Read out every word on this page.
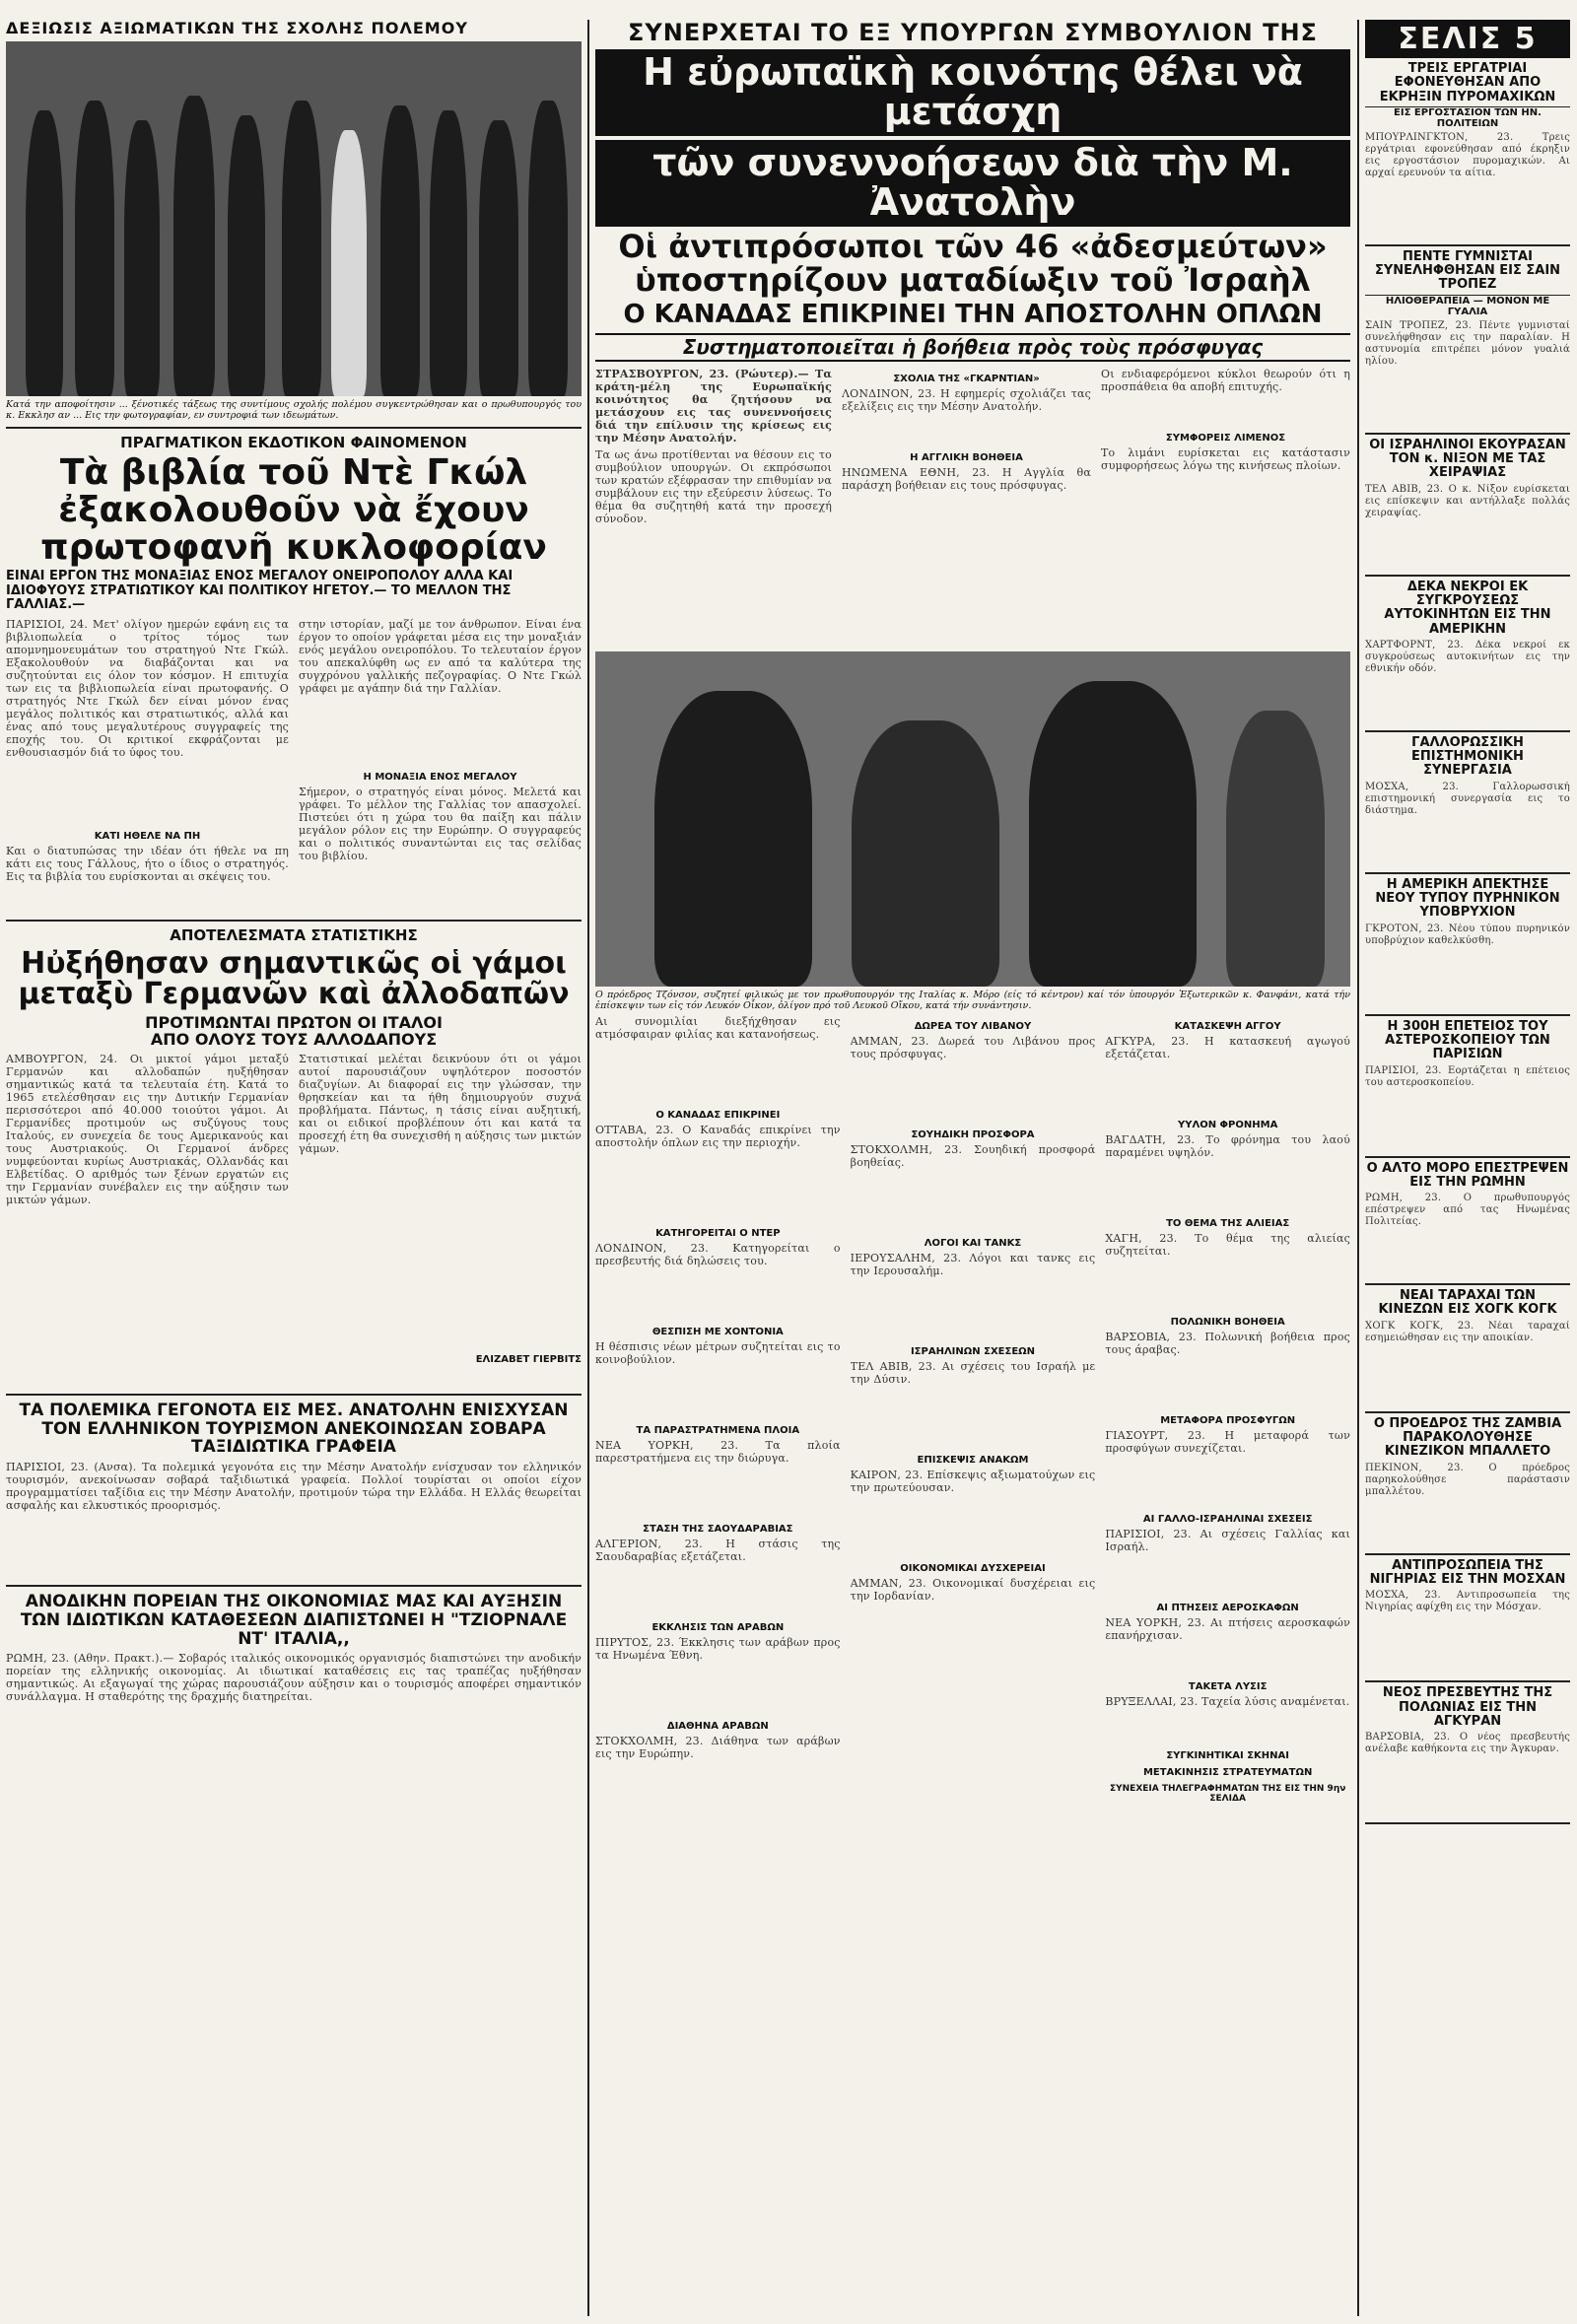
ΔΕΞΙΩΣΙΣ ΑΞΙΩΜΑΤΙΚΩΝ ΤΗΣ ΣΧΟΛΗΣ ΠΟΛΕΜΟΥ
Κατά την αποφοίτησιν ... ξένοτικές τάξεως της συντίμους σχολής πολέμου συγκεντρώθησαν και ο πρωθυπουργός του κ. Εκκλησ αν ... Εις την φωτογραφίαν, εν συντροφιά των ιδεωμάτων.
ΠΡΑΓΜΑΤΙΚΟΝ ΕΚΔΟΤΙΚΟΝ ΦΑΙΝΟΜΕΝΟΝ
Τὰ βιβλία τοῦ Ντὲ Γκώλ ἐξακολουθοῦν νὰ ἔχουν πρωτοφανῆ κυκλοφορίαν
ΕΙΝΑΙ ΕΡΓΟΝ ΤΗΣ ΜΟΝΑΞΙΑΣ ΕΝΟΣ ΜΕΓΑΛΟΥ ΟΝΕΙΡΟΠΟΛΟΥ ΑΛΛΑ ΚΑΙ ΙΔΙΟΦΥΟΥΣ ΣΤΡΑΤΙΩΤΙΚΟΥ ΚΑΙ ΠΟΛΙΤΙΚΟΥ ΗΓΕΤΟΥ.— ΤΟ ΜΕΛΛΟΝ ΤΗΣ ΓΑΛΛΙΑΣ.—
ΠΑΡΙΣΙΟΙ, 24. Μετ' ολίγον ημερών εφάνη εις τα βιβλιοπωλεία ο τρίτος τόμος των απομνημονευμάτων του στρατηγού Ντε Γκώλ. Εξακολουθούν να διαβάζονται και να συζητούνται εις όλον τον κόσμον. Η επιτυχία των εις τα βιβλιοπωλεία είναι πρωτοφανής. Ο στρατηγός Ντε Γκώλ δεν είναι μόνον ένας μεγάλος πολιτικός και στρατιωτικός, αλλά και ένας από τους μεγαλυτέρους συγγραφείς της εποχής του. Οι κριτικοί εκφράζονται με ενθουσιασμόν διά το ύφος του.
ΚΑΤΙ ΗΘΕΛΕ ΝΑ ΠΗ
Και ο διατυπώσας την ιδέαν ότι ήθελε να πη κάτι εις τους Γάλλους, ήτο ο ίδιος ο στρατηγός. Εις τα βιβλία του ευρίσκονται αι σκέψεις του.
στην ιστορίαν, μαζί με τον άνθρωπον. Είναι ένα έργον το οποίον γράφεται μέσα εις την μοναξιάν ενός μεγάλου ονειροπόλου. Το τελευταίον έργον του απεκαλύφθη ως εν από τα καλύτερα της συγχρόνου γαλλικής πεζογραφίας. Ο Ντε Γκώλ γράφει με αγάπην διά την Γαλλίαν.
Η ΜΟΝΑΞΙΑ ΕΝΟΣ ΜΕΓΑΛΟΥ
Σήμερον, ο στρατηγός είναι μόνος. Μελετά και γράφει. Το μέλλον της Γαλλίας τον απασχολεί. Πιστεύει ότι η χώρα του θα παίξη και πάλιν μεγάλον ρόλον εις την Ευρώπην. Ο συγγραφεύς και ο πολιτικός συναντώνται εις τας σελίδας του βιβλίου.
ΑΠΟΤΕΛΕΣΜΑΤΑ ΣΤΑΤΙΣΤΙΚΗΣ
Ηὐξήθησαν σημαντικῶς οἱ γάμοι μεταξὺ Γερμανῶν καὶ ἀλλοδαπῶν
ΠΡΟΤΙΜΩΝΤΑΙ ΠΡΩΤΟΝ ΟΙ ΙΤΑΛΟΙ
ΑΠΟ ΟΛΟΥΣ ΤΟΥΣ ΑΛΛΟΔΑΠΟΥΣ
ΑΜΒΟΥΡΓΟΝ, 24. Οι μικτοί γάμοι μεταξύ Γερμανών και αλλοδαπών ηυξήθησαν σημαντικώς κατά τα τελευταία έτη. Κατά το 1965 ετελέσθησαν εις την Δυτικήν Γερμανίαν περισσότεροι από 40.000 τοιούτοι γάμοι. Αι Γερμανίδες προτιμούν ως συζύγους τους Ιταλούς, εν συνεχεία δε τους Αμερικανούς και τους Αυστριακούς. Οι Γερμανοί άνδρες νυμφεύονται κυρίως Αυστριακάς, Ολλανδάς και Ελβετίδας. Ο αριθμός των ξένων εργατών εις την Γερμανίαν συνέβαλεν εις την αύξησιν των μικτών γάμων.
Στατιστικαί μελέται δεικνύουν ότι οι γάμοι αυτοί παρουσιάζουν υψηλότερον ποσοστόν διαζυγίων. Αι διαφοραί εις την γλώσσαν, την θρησκείαν και τα ήθη δημιουργούν συχνά προβλήματα. Πάντως, η τάσις είναι αυξητική, και οι ειδικοί προβλέπουν ότι και κατά τα προσεχή έτη θα συνεχισθή η αύξησις των μικτών γάμων.
ΕΛΙΖΑΒΕΤ ΓΙΕΡΒΙΤΣ
ΤΑ ΠΟΛΕΜΙΚΑ ΓΕΓΟΝΟΤΑ ΕΙΣ ΜΕΣ. ΑΝΑΤΟΛΗΝ ΕΝΙΣΧΥΣΑΝ ΤΟΝ ΕΛΛΗΝΙΚΟΝ ΤΟΥΡΙΣΜΟΝ ΑΝΕΚΟΙΝΩΣΑΝ ΣΟΒΑΡΑ ΤΑΞΙΔΙΩΤΙΚΑ ΓΡΑΦΕΙΑ
ΠΑΡΙΣΙΟΙ, 23. (Ανσα). Τα πολεμικά γεγονότα εις την Μέσην Ανατολήν ενίσχυσαν τον ελληνικόν τουρισμόν, ανεκοίνωσαν σοβαρά ταξιδιωτικά γραφεία. Πολλοί τουρίσται οι οποίοι είχον προγραμματίσει ταξίδια εις την Μέσην Ανατολήν, προτιμούν τώρα την Ελλάδα. Η Ελλάς θεωρείται ασφαλής και ελκυστικός προορισμός.
ΑΝΟΔΙΚΗΝ ΠΟΡΕΙΑΝ ΤΗΣ ΟΙΚΟΝΟΜΙΑΣ ΜΑΣ ΚΑΙ ΑΥΞΗΣΙΝ ΤΩΝ ΙΔΙΩΤΙΚΩΝ ΚΑΤΑΘΕΣΕΩΝ ΔΙΑΠΙΣΤΩΝΕΙ Η "ΤΖΙΟΡΝΑΛΕ ΝΤ' ΙΤΑΛΙΑ,,
ΡΩΜΗ, 23. (Αθην. Πρακτ.).— Σοβαρός ιταλικός οικονομικός οργανισμός διαπιστώνει την ανοδικήν πορείαν της ελληνικής οικονομίας. Αι ιδιωτικαί καταθέσεις εις τας τραπέζας ηυξήθησαν σημαντικώς. Αι εξαγωγαί της χώρας παρουσιάζουν αύξησιν και ο τουρισμός αποφέρει σημαντικόν συνάλλαγμα. Η σταθερότης της δραχμής διατηρείται.
ΣΥΝΕΡΧΕΤΑΙ ΤΟ ΕΞ ΥΠΟΥΡΓΩΝ ΣΥΜΒΟΥΛΙΟΝ ΤΗΣ
Η εὐρωπαϊκὴ κοινότης θέλει νὰ μετάσχη
τῶν συνεννοήσεων διὰ τὴν Μ. Ἀνατολὴν
Οἱ ἀντιπρόσωποι τῶν 46 «ἀδεσμεύτων»
ὑποστηρίζουν ματαδίωξιν τοῦ Ἰσραὴλ
Ο ΚΑΝΑΔΑΣ ΕΠΙΚΡΙΝΕΙ ΤΗΝ ΑΠΟΣΤΟΛΗΝ ΟΠΛΩΝ
Συστηματοποιεῖται ἡ βοήθεια πρὸς τοὺς πρόσφυγας
ΣΤΡΑΣΒΟΥΡΓΟΝ, 23. (Ρώυτερ).— Τα κράτη-μέλη της Ευρωπαϊκής κοινότητος θα ζητήσουν να μετάσχουν εις τας συνεννοήσεις διά την επίλυσιν της κρίσεως εις την Μέσην Ανατολήν.
Τα ως άνω προτίθενται να θέσουν εις το συμβούλιον υπουργών. Οι εκπρόσωποι των κρατών εξέφρασαν την επιθυμίαν να συμβάλουν εις την εξεύρεσιν λύσεως. Το θέμα θα συζητηθή κατά την προσεχή σύνοδον.
ΣΧΟΛΙΑ ΤΗΣ «ΓΚΑΡΝΤΙΑΝ»
ΛΟΝΔΙΝΟΝ, 23. Η εφημερίς σχολιάζει τας εξελίξεις εις την Μέσην Ανατολήν.
Η ΑΓΓΛΙΚΗ ΒΟΗΘΕΙΑ
ΗΝΩΜΕΝΑ ΕΘΝΗ, 23. Η Αγγλία θα παράσχη βοήθειαν εις τους πρόσφυγας.
Οι ενδιαφερόμενοι κύκλοι θεωρούν ότι η προσπάθεια θα αποβή επιτυχής.
ΣΥΜΦΟΡΕΙΣ ΛΙΜΕΝΟΣ
Το λιμάνι ευρίσκεται εις κατάστασιν συμφορήσεως λόγω της κινήσεως πλοίων.
Ο πρόεδρος Τζόνσον, συζητεί φιλικώς με τον πρωθυπουργόν της Ιταλίας κ. Μόρο (είς τό κέντρον) καί τόν ὑπουργόν Ἐξωτερικῶν κ. Φανφάνι, κατά τήν ἐπίσκεψιν των εἰς τόν Λευκόν Οἶκον, ὀλίγον πρό τοῦ Λευκοῦ Οἴκου, κατά τήν συνάντησιν.
Αι συνομιλίαι διεξήχθησαν εις ατμόσφαιραν φιλίας και κατανοήσεως.
Ο ΚΑΝΑΔΑΣ ΕΠΙΚΡΙΝΕΙ
ΟΤΤΑΒΑ, 23. Ο Καναδάς επικρίνει την αποστολήν όπλων εις την περιοχήν.
ΚΑΤΗΓΟΡΕΙΤΑΙ Ο ΝΤΕΡ
ΛΟΝΔΙΝΟΝ, 23. Κατηγορείται ο πρεσβευτής διά δηλώσεις του.
ΘΕΣΠΙΣΗ ΜΕ ΧΟΝΤΟΝΙΑ
Η θέσπισις νέων μέτρων συζητείται εις το κοινοβούλιον.
ΤΑ ΠΑΡΑΣΤΡΑΤΗΜΕΝΑ ΠΛΟΙΑ
ΝΕΑ ΥΟΡΚΗ, 23. Τα πλοία παρεστρατήμενα εις την διώρυγα.
ΣΤΑΣΗ ΤΗΣ ΣΑΟΥΔΑΡΑΒΙΑΣ
ΑΛΓΕΡΙΟΝ, 23. Η στάσις της Σαουδαραβίας εξετάζεται.
ΕΚΚΛΗΣΙΣ ΤΩΝ ΑΡΑΒΩΝ
ΠΙΡΥΤΟΣ, 23. Έκκλησις των αράβων προς τα Ηνωμένα Έθνη.
ΔΙΑΘΗΝΑ ΑΡΑΒΩΝ
ΣΤΟΚΧΟΛΜΗ, 23. Διάθηνα των αράβων εις την Ευρώπην.
ΔΩΡΕΑ ΤΟΥ ΛΙΒΑΝΟΥ
ΑΜΜΑΝ, 23. Δωρεά του Λιβάνου προς τους πρόσφυγας.
ΣΟΥΗΔΙΚΗ ΠΡΟΣΦΟΡΑ
ΣΤΟΚΧΟΛΜΗ, 23. Σουηδική προσφορά βοηθείας.
ΛΟΓΟΙ ΚΑΙ ΤΑΝΚΣ
ΙΕΡΟΥΣΑΛΗΜ, 23. Λόγοι και τανκς εις την Ιερουσαλήμ.
ΙΣΡΑΗΛΙΝΩΝ ΣΧΕΣΕΩΝ
ΤΕΛ ΑΒΙΒ, 23. Αι σχέσεις του Ισραήλ με την Δύσιν.
ΕΠΙΣΚΕΨΙΣ ΑΝΑΚΩΜ
ΚΑΙΡΟΝ, 23. Επίσκεψις αξιωματούχων εις την πρωτεύουσαν.
ΟΙΚΟΝΟΜΙΚΑΙ ΔΥΣΧΕΡΕΙΑΙ
ΑΜΜΑΝ, 23. Οικονομικαί δυσχέρειαι εις την Ιορδανίαν.
ΚΑΤΑΣΚΕΨΗ ΑΓΓΟΥ
ΑΓΚΥΡΑ, 23. Η κατασκευή αγωγού εξετάζεται.
ΥΥΛΟΝ ΦΡΟΝΗΜΑ
ΒΑΓΔΑΤΗ, 23. Το φρόνημα του λαού παραμένει υψηλόν.
ΤΟ ΘΕΜΑ ΤΗΣ ΑΛΙΕΙΑΣ
ΧΑΓΗ, 23. Το θέμα της αλιείας συζητείται.
ΠΟΛΩΝΙΚΗ ΒΟΗΘΕΙΑ
ΒΑΡΣΟΒΙΑ, 23. Πολωνική βοήθεια προς τους άραβας.
ΜΕΤΑΦΟΡΑ ΠΡΟΣΦΥΓΩΝ
ΓΙΑΣΟΥΡΤ, 23. Η μεταφορά των προσφύγων συνεχίζεται.
ΑΙ ΓΑΛΛΟ-ΙΣΡΑΗΛΙΝΑΙ ΣΧΕΣΕΙΣ
ΠΑΡΙΣΙΟΙ, 23. Αι σχέσεις Γαλλίας και Ισραήλ.
ΑΙ ΠΤΗΣΕΙΣ ΑΕΡΟΣΚΑΦΩΝ
ΝΕΑ ΥΟΡΚΗ, 23. Αι πτήσεις αεροσκαφών επανήρχισαν.
ΤΑΚΕΤΑ ΛΥΣΙΣ
ΒΡΥΞΕΛΛΑΙ, 23. Ταχεία λύσις αναμένεται.
ΣΥΓΚΙΝΗΤΙΚΑΙ ΣΚΗΝΑΙ
ΜΕΤΑΚΙΝΗΣΙΣ ΣΤΡΑΤΕΥΜΑΤΩΝ
ΣΥΝΕΧΕΙΑ ΤΗΛΕΓΡΑΦΗΜΑΤΩΝ ΤΗΣ ΕΙΣ ΤΗΝ 9ην ΣΕΛΙΔΑ
ΣΕΛΙΣ 5
ΤΡΕΙΣ ΕΡΓΑΤΡΙΑΙ ΕΦΟΝΕΥΘΗΣΑΝ ΑΠΟ ΕΚΡΗΞΙΝ ΠΥΡΟΜΑΧΙΚΩΝ
ΕΙΣ ΕΡΓΟΣΤΑΣΙΟΝ ΤΩΝ ΗΝ. ΠΟΛΙΤΕΙΩΝ
ΜΠΟΥΡΛΙΝΓΚΤΟΝ, 23. Τρεις εργάτριαι εφονεύθησαν από έκρηξιν εις εργοστάσιον πυρομαχικών. Αι αρχαί ερευνούν τα αίτια.
ΠΕΝΤΕ ΓΥΜΝΙΣΤΑΙ ΣΥΝΕΛΗΦΘΗΣΑΝ ΕΙΣ ΣΑΙΝ ΤΡΟΠΕΖ
ΗΛΙΟΘΕΡΑΠΕΙΑ — ΜΟΝΟΝ ΜΕ ΓΥΑΛΙΑ
ΣΑΙΝ ΤΡΟΠΕΖ, 23. Πέντε γυμνισταί συνελήφθησαν εις την παραλίαν. Η αστυνομία επιτρέπει μόνον γυαλιά ηλίου.
ΟΙ ΙΣΡΑΗΛΙΝΟΙ ΕΚΟΥΡΑΣΑΝ ΤΟΝ κ. ΝΙΞΟΝ ΜΕ ΤΑΣ ΧΕΙΡΑΨΙΑΣ
ΤΕΛ ΑΒΙΒ, 23. Ο κ. Νίξον ευρίσκεται εις επίσκεψιν και αντήλλαξε πολλάς χειραψίας.
ΔΕΚΑ ΝΕΚΡΟΙ ΕΚ ΣΥΓΚΡΟΥΣΕΩΣ ΑΥΤΟΚΙΝΗΤΩΝ ΕΙΣ ΤΗΝ ΑΜΕΡΙΚΗΝ
ΧΑΡΤΦΟΡΝΤ, 23. Δέκα νεκροί εκ συγκρούσεως αυτοκινήτων εις την εθνικήν οδόν.
ΓΑΛΛΟΡΩΣΣΙΚΗ ΕΠΙΣΤΗΜΟΝΙΚΗ ΣΥΝΕΡΓΑΣΙΑ
ΜΟΣΧΑ, 23. Γαλλορωσσική επιστημονική συνεργασία εις το διάστημα.
Η ΑΜΕΡΙΚΗ ΑΠΕΚΤΗΣΕ ΝΕΟΥ ΤΥΠΟΥ ΠΥΡΗΝΙΚΟΝ ΥΠΟΒΡΥΧΙΟΝ
ΓΚΡΟΤΟΝ, 23. Νέου τύπου πυρηνικόν υποβρύχιον καθελκύσθη.
Η 300Η ΕΠΕΤΕΙΟΣ ΤΟΥ ΑΣΤΕΡΟΣΚΟΠΕΙΟΥ ΤΩΝ ΠΑΡΙΣΙΩΝ
ΠΑΡΙΣΙΟΙ, 23. Εορτάζεται η επέτειος του αστεροσκοπείου.
Ο ΑΛΤΟ ΜΟΡΟ ΕΠΕΣΤΡΕΨΕΝ ΕΙΣ ΤΗΝ ΡΩΜΗΝ
ΡΩΜΗ, 23. Ο πρωθυπουργός επέστρεψεν από τας Ηνωμένας Πολιτείας.
ΝΕΑΙ ΤΑΡΑΧΑΙ ΤΩΝ ΚΙΝΕΖΩΝ ΕΙΣ ΧΟΓΚ ΚΟΓΚ
ΧΟΓΚ ΚΟΓΚ, 23. Νέαι ταραχαί εσημειώθησαν εις την αποικίαν.
Ο ΠΡΟΕΔΡΟΣ ΤΗΣ ΖΑΜΒΙΑ ΠΑΡΑΚΟΛΟΥΘΗΣΕ ΚΙΝΕΖΙΚΟΝ ΜΠΑΛΛΕΤΟ
ΠΕΚΙΝΟΝ, 23. Ο πρόεδρος παρηκολούθησε παράστασιν μπαλλέτου.
ΑΝΤΙΠΡΟΣΩΠΕΙΑ ΤΗΣ ΝΙΓΗΡΙΑΣ ΕΙΣ ΤΗΝ ΜΟΣΧΑΝ
ΜΟΣΧΑ, 23. Αντιπροσωπεία της Νιγηρίας αφίχθη εις την Μόσχαν.
ΝΕΟΣ ΠΡΕΣΒΕΥΤΗΣ ΤΗΣ ΠΟΛΩΝΙΑΣ ΕΙΣ ΤΗΝ ΑΓΚΥΡΑΝ
ΒΑΡΣΟΒΙΑ, 23. Ο νέος πρεσβευτής ανέλαβε καθήκοντα εις την Άγκυραν.
